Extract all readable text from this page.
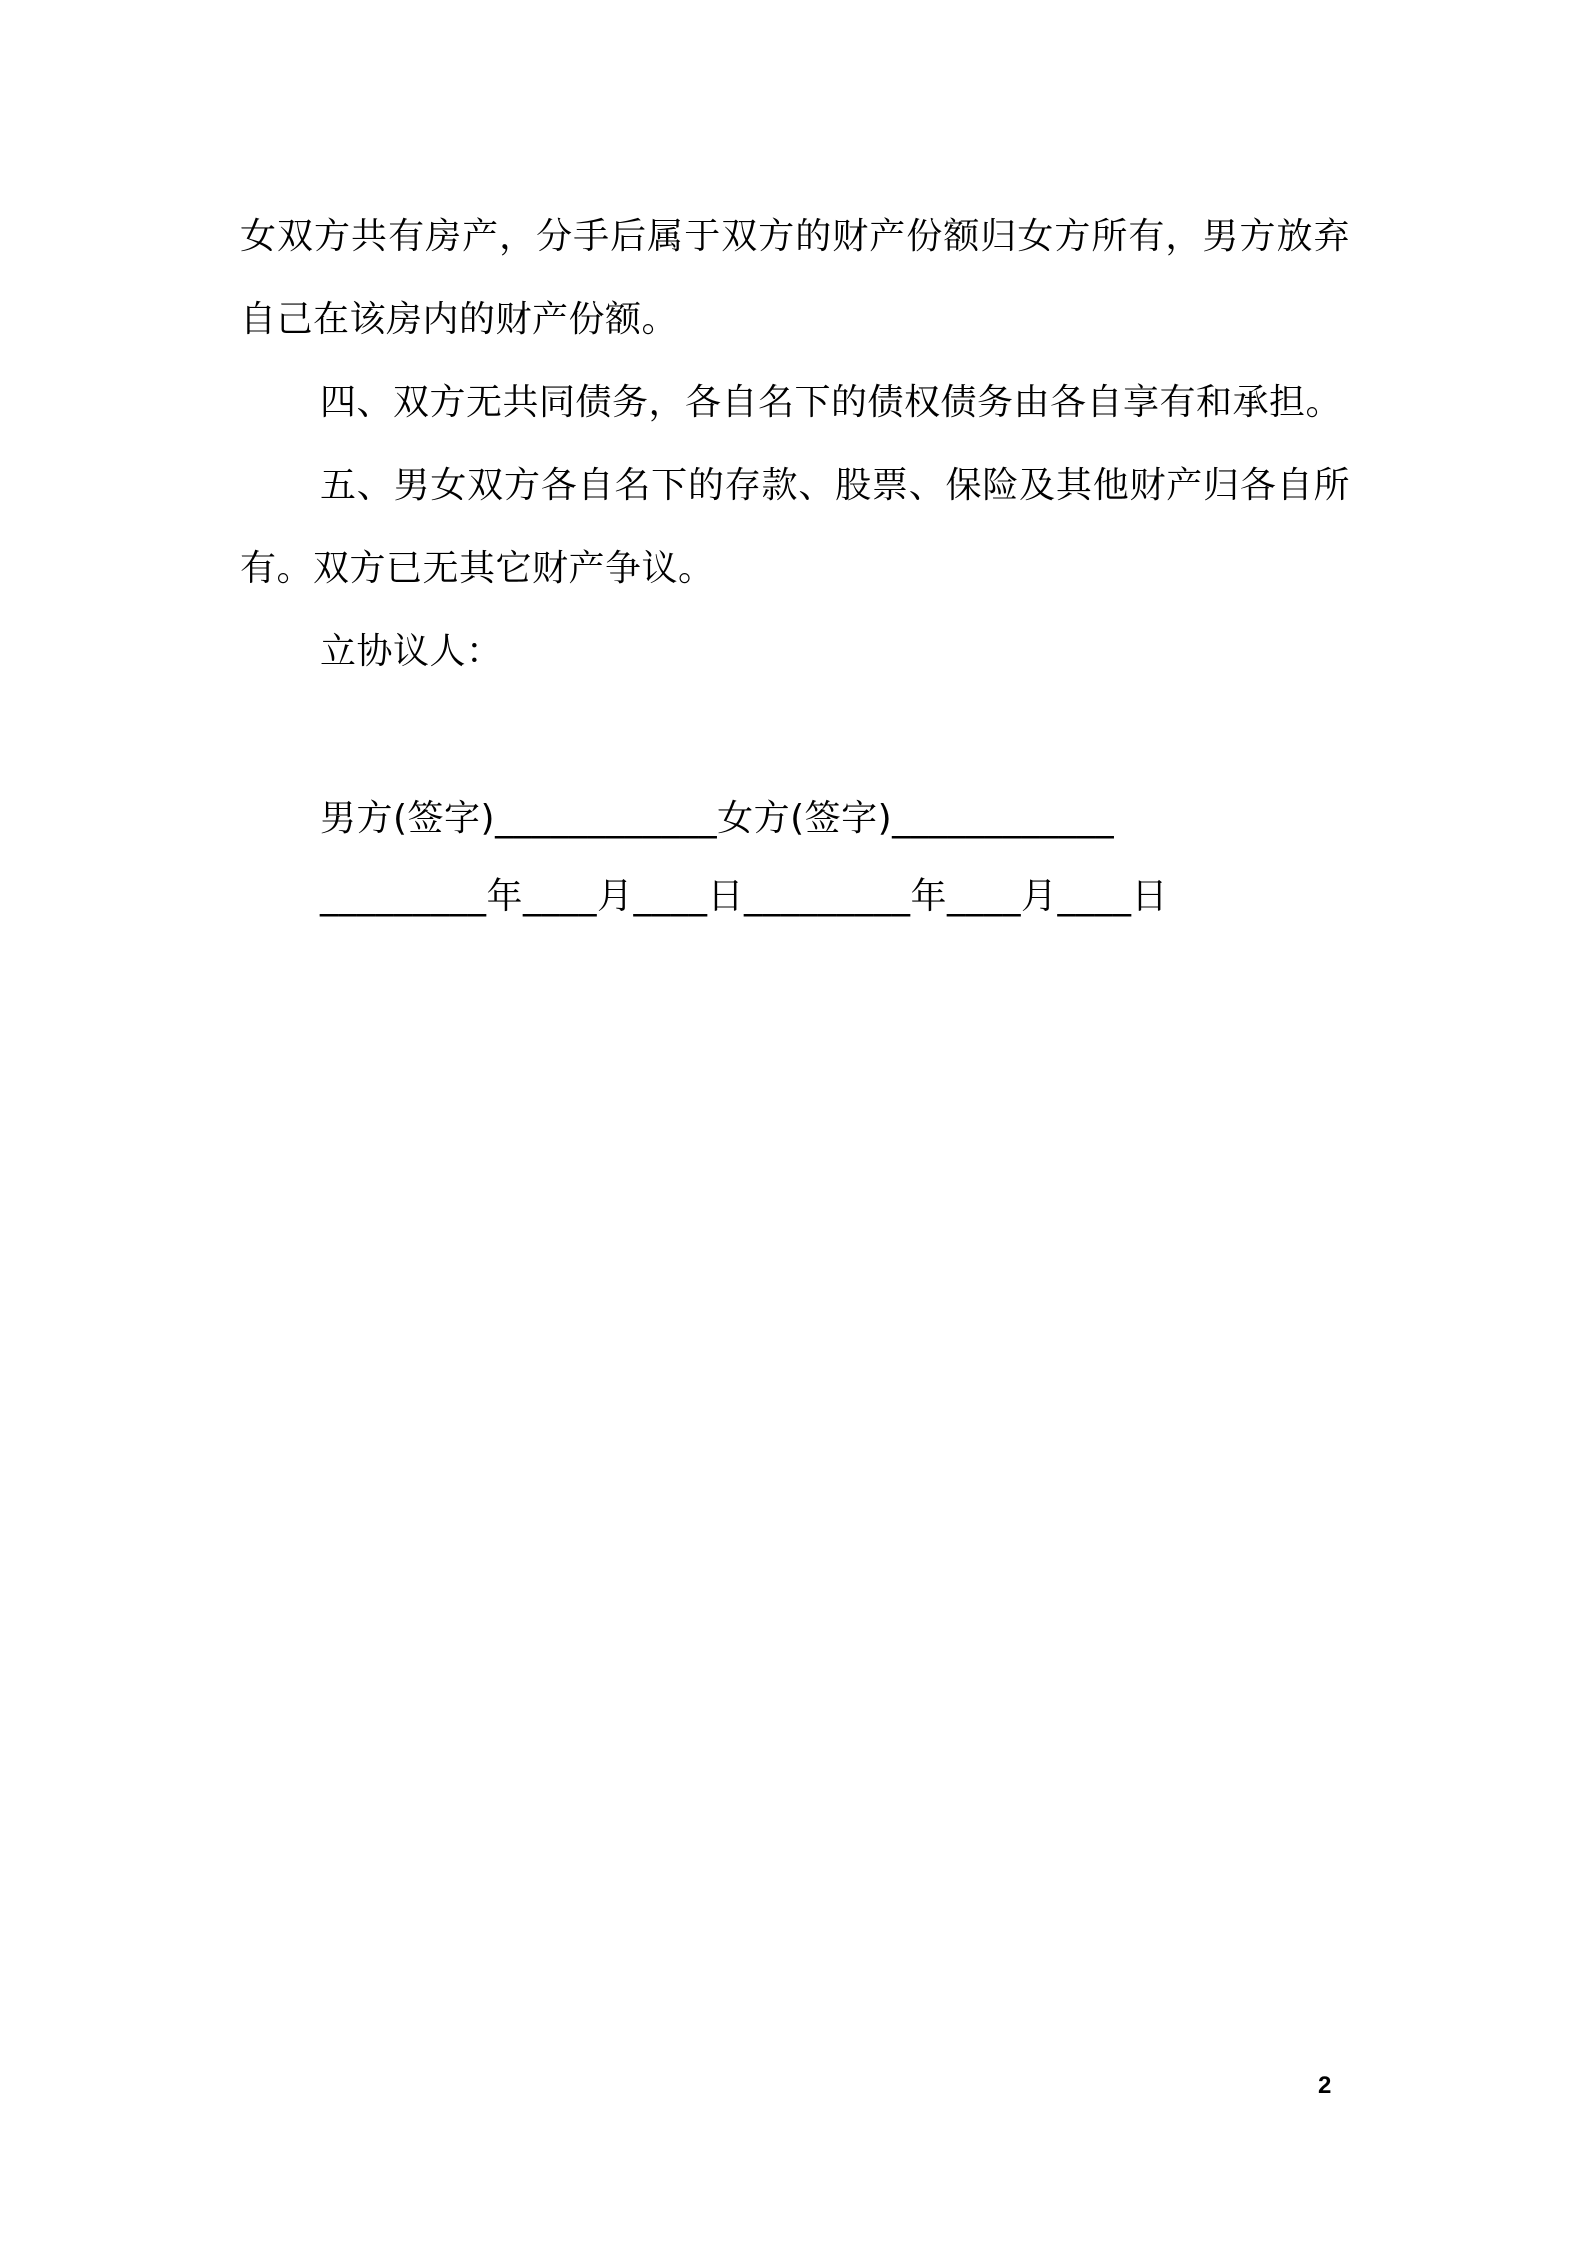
女双方共有房产，分手后属于双方的财产份额归女方所有，男方放弃自己在该房内的财产份额。

四、双方无共同债务，各自名下的债权债务由各自享有和承担。

五、男女双方各自名下的存款、股票、保险及其他财产归各自所有。双方已无其它财产争议。

立协议人：

男方(签字)____________女方(签字)____________
_________年____月____日_________年____月____日
2
